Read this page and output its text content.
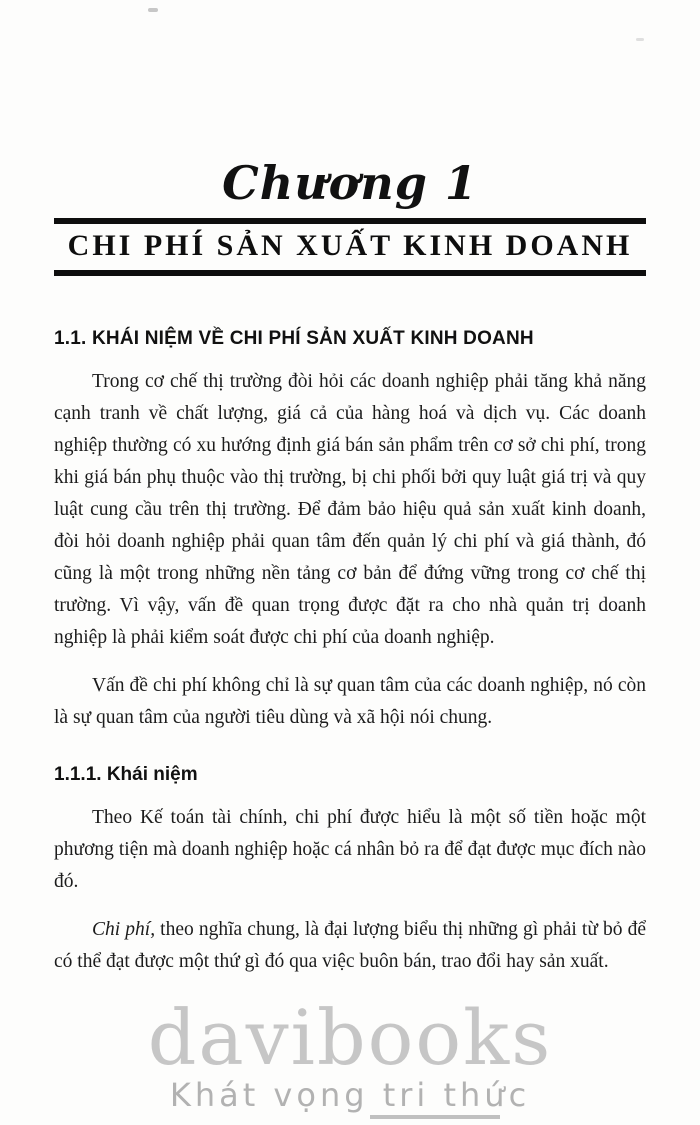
Chương 1
CHI PHÍ SẢN XUẤT KINH DOANH
1.1. KHÁI NIỆM VỀ CHI PHÍ SẢN XUẤT KINH DOANH

Trong cơ chế thị trường đòi hỏi các doanh nghiệp phải tăng khả năng cạnh tranh về chất lượng, giá cả của hàng hoá và dịch vụ. Các doanh nghiệp thường có xu hướng định giá bán sản phẩm trên cơ sở chi phí, trong khi giá bán phụ thuộc vào thị trường, bị chi phối bởi quy luật giá trị và quy luật cung cầu trên thị trường. Để đảm bảo hiệu quả sản xuất kinh doanh, đòi hỏi doanh nghiệp phải quan tâm đến quản lý chi phí và giá thành, đó cũng là một trong những nền tảng cơ bản để đứng vững trong cơ chế thị trường. Vì vậy, vấn đề quan trọng được đặt ra cho nhà quản trị doanh nghiệp là phải kiểm soát được chi phí của doanh nghiệp.

Vấn đề chi phí không chỉ là sự quan tâm của các doanh nghiệp, nó còn là sự quan tâm của người tiêu dùng và xã hội nói chung.

1.1.1. Khái niệm

Theo Kế toán tài chính, chi phí được hiểu là một số tiền hoặc một phương tiện mà doanh nghiệp hoặc cá nhân bỏ ra để đạt được mục đích nào đó.

Chi phí, theo nghĩa chung, là đại lượng biểu thị những gì phải từ bỏ để có thể đạt được một thứ gì đó qua việc buôn bán, trao đổi hay sản xuất.

davibooks
Khát vọng tri thức
